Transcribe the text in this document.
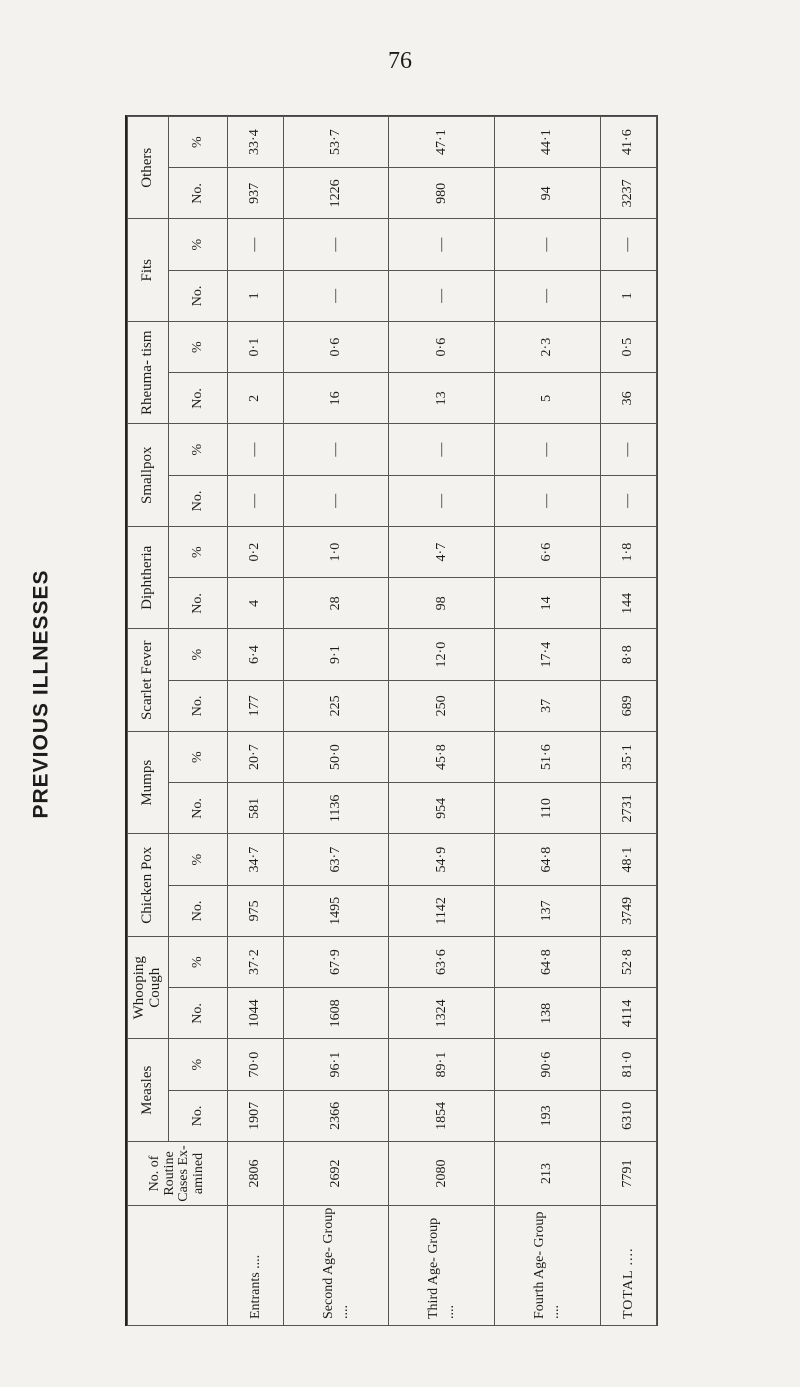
76
PREVIOUS ILLNESSES
	No. of Routine Cases Ex- amined	Measles		Whooping Cough		Chicken Pox		Mumps		Scarlet Fever		Diphtheria		Smallpox		Rheuma- tism		Fits		Others	
		No.	%	No.	%	No.	%	No.	%	No.	%	No.	%	No.	%	No.	%	No.	%	No.	%
Entrants ....	2806	1907	70·0	1044	37·2	975	34·7	581	20·7	177	6·4	4	0·2	—	—	2	0·1	1	—	937	33·4
Second Age- Group ....	2692	2366	96·1	1608	67·9	1495	63·7	1136	50·0	225	9·1	28	1·0	—	—	16	0·6	—	—	1226	53·7
Third Age- Group ....	2080	1854	89·1	1324	63·6	1142	54·9	954	45·8	250	12·0	98	4·7	—	—	13	0·6	—	—	980	47·1
Fourth Age- Group ....	213	193	90·6	138	64·8	137	64·8	110	51·6	37	17·4	14	6·6	—	—	5	2·3	—	—	94	44·1
TOTAL ....	7791	6310	81·0	4114	52·8	3749	48·1	2731	35·1	689	8·8	144	1·8	—	—	36	0·5	1	—	3237	41·6
